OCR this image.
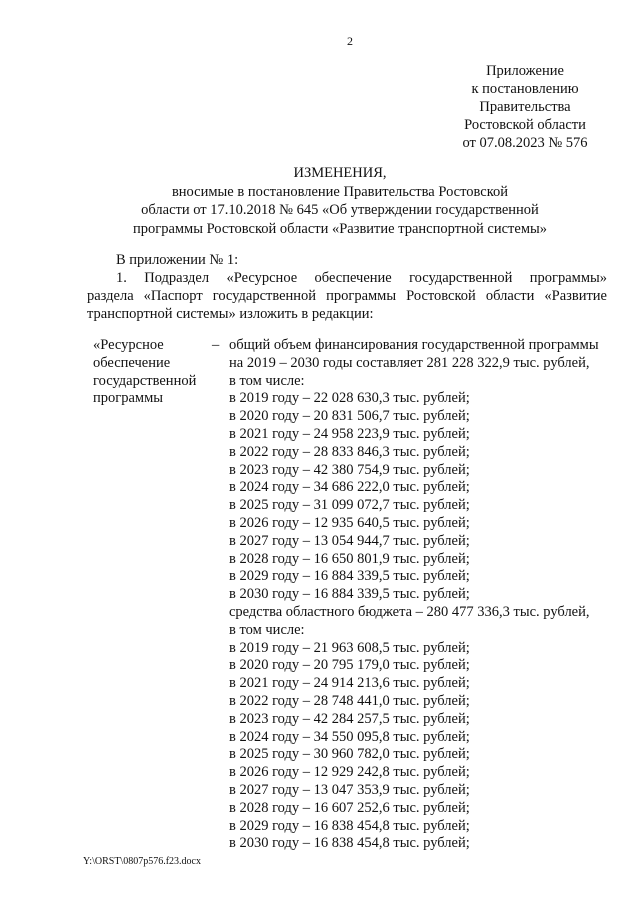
2
Приложение
к постановлению
Правительства
Ростовской области
от 07.08.2023 № 576
ИЗМЕНЕНИЯ,
вносимые в постановление Правительства Ростовской
области от 17.10.2018 № 645 «Об утверждении государственной
программы Ростовской области «Развитие транспортной системы»
В приложении № 1:
1. Подраздел «Ресурсное обеспечение государственной программы»
раздела «Паспорт государственной программы Ростовской области «Развитие
транспортной системы» изложить в редакции:
«Ресурсное
обеспечение
государственной
программы
– общий объем финансирования государственной программы
на 2019 – 2030 годы составляет 281 228 322,9 тыс. рублей,
в том числе:
в 2019 году – 22 028 630,3 тыс. рублей;
в 2020 году – 20 831 506,7 тыс. рублей;
в 2021 году – 24 958 223,9 тыс. рублей;
в 2022 году – 28 833 846,3 тыс. рублей;
в 2023 году – 42 380 754,9 тыс. рублей;
в 2024 году – 34 686 222,0 тыс. рублей;
в 2025 году – 31 099 072,7 тыс. рублей;
в 2026 году – 12 935 640,5 тыс. рублей;
в 2027 году – 13 054 944,7 тыс. рублей;
в 2028 году – 16 650 801,9 тыс. рублей;
в 2029 году – 16 884 339,5 тыс. рублей;
в 2030 году – 16 884 339,5 тыс. рублей;
средства областного бюджета – 280 477 336,3 тыс. рублей,
в том числе:
в 2019 году – 21 963 608,5 тыс. рублей;
в 2020 году – 20 795 179,0 тыс. рублей;
в 2021 году – 24 914 213,6 тыс. рублей;
в 2022 году – 28 748 441,0 тыс. рублей;
в 2023 году – 42 284 257,5 тыс. рублей;
в 2024 году – 34 550 095,8 тыс. рублей;
в 2025 году – 30 960 782,0 тыс. рублей;
в 2026 году – 12 929 242,8 тыс. рублей;
в 2027 году – 13 047 353,9 тыс. рублей;
в 2028 году – 16 607 252,6 тыс. рублей;
в 2029 году – 16 838 454,8 тыс. рублей;
в 2030 году – 16 838 454,8 тыс. рублей;
Y:\ORST\0807p576.f23.docx
